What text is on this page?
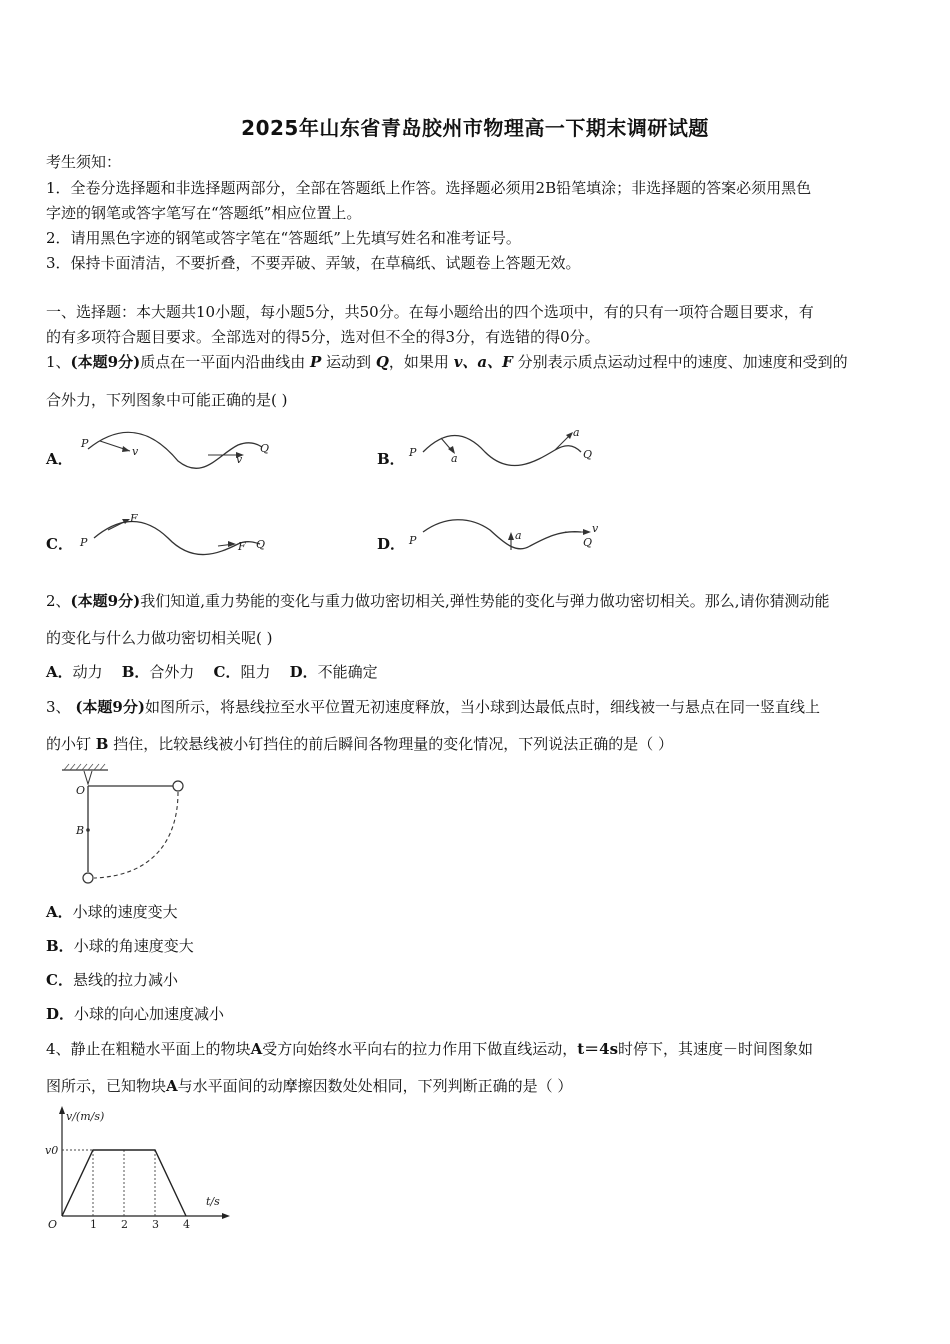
2025年山东省青岛胶州市物理高一下期末调研试题
考生须知：
1．全卷分选择题和非选择题两部分，全部在答题纸上作答。选择题必须用2B铅笔填涂；非选择题的答案必须用黑色
字迹的钢笔或答字笔写在“答题纸”相应位置上。
2．请用黑色字迹的钢笔或答字笔在“答题纸”上先填写姓名和准考证号。
3．保持卡面清洁，不要折叠，不要弄破、弄皱，在草稿纸、试题卷上答题无效。
一、选择题：本大题共10小题，每小题5分，共50分。在每小题给出的四个选项中，有的只有一项符合题目要求，有
的有多项符合题目要求。全部选对的得5分，选对但不全的得3分，有选错的得0分。
1、(本题9分)质点在一平面内沿曲线由 P 运动到 Q，如果用 v、a、F 分别表示质点运动过程中的速度、加速度和受到的
合外力，下列图象中可能正确的是( )
A．
P
v
v
Q
B． P	a
a
Q
C． P
F
F Q	D． P	a
v
Q
2、(本题9分)我们知道,重力势能的变化与重力做功密切相关,弹性势能的变化与弹力做功密切相关。那么,请你猜测动能
的变化与什么力做功密切相关呢( )
A．动力 B．合外力 C．阻力 D．不能确定
3、 (本题9分)如图所示，将悬线拉至水平位置无初速度释放，当小球到达最低点时，细线被一与悬点在同一竖直线上
的小钉 B 挡住，比较悬线被小钉挡住的前后瞬间各物理量的变化情况，下列说法正确的是（ ）
O
B
A．小球的速度变大
B．小球的角速度变大
C．悬线的拉力减小
D．小球的向心加速度减小
4、静止在粗糙水平面上的物块A受方向始终水平向右的拉力作用下做直线运动，t＝4s时停下，其速度－时间图象如
图所示，已知物块A与水平面间的动摩擦因数处处相同，下列判断正确的是（ ）
v/(m/s)
t/s
O
v0
1 2 3 4
